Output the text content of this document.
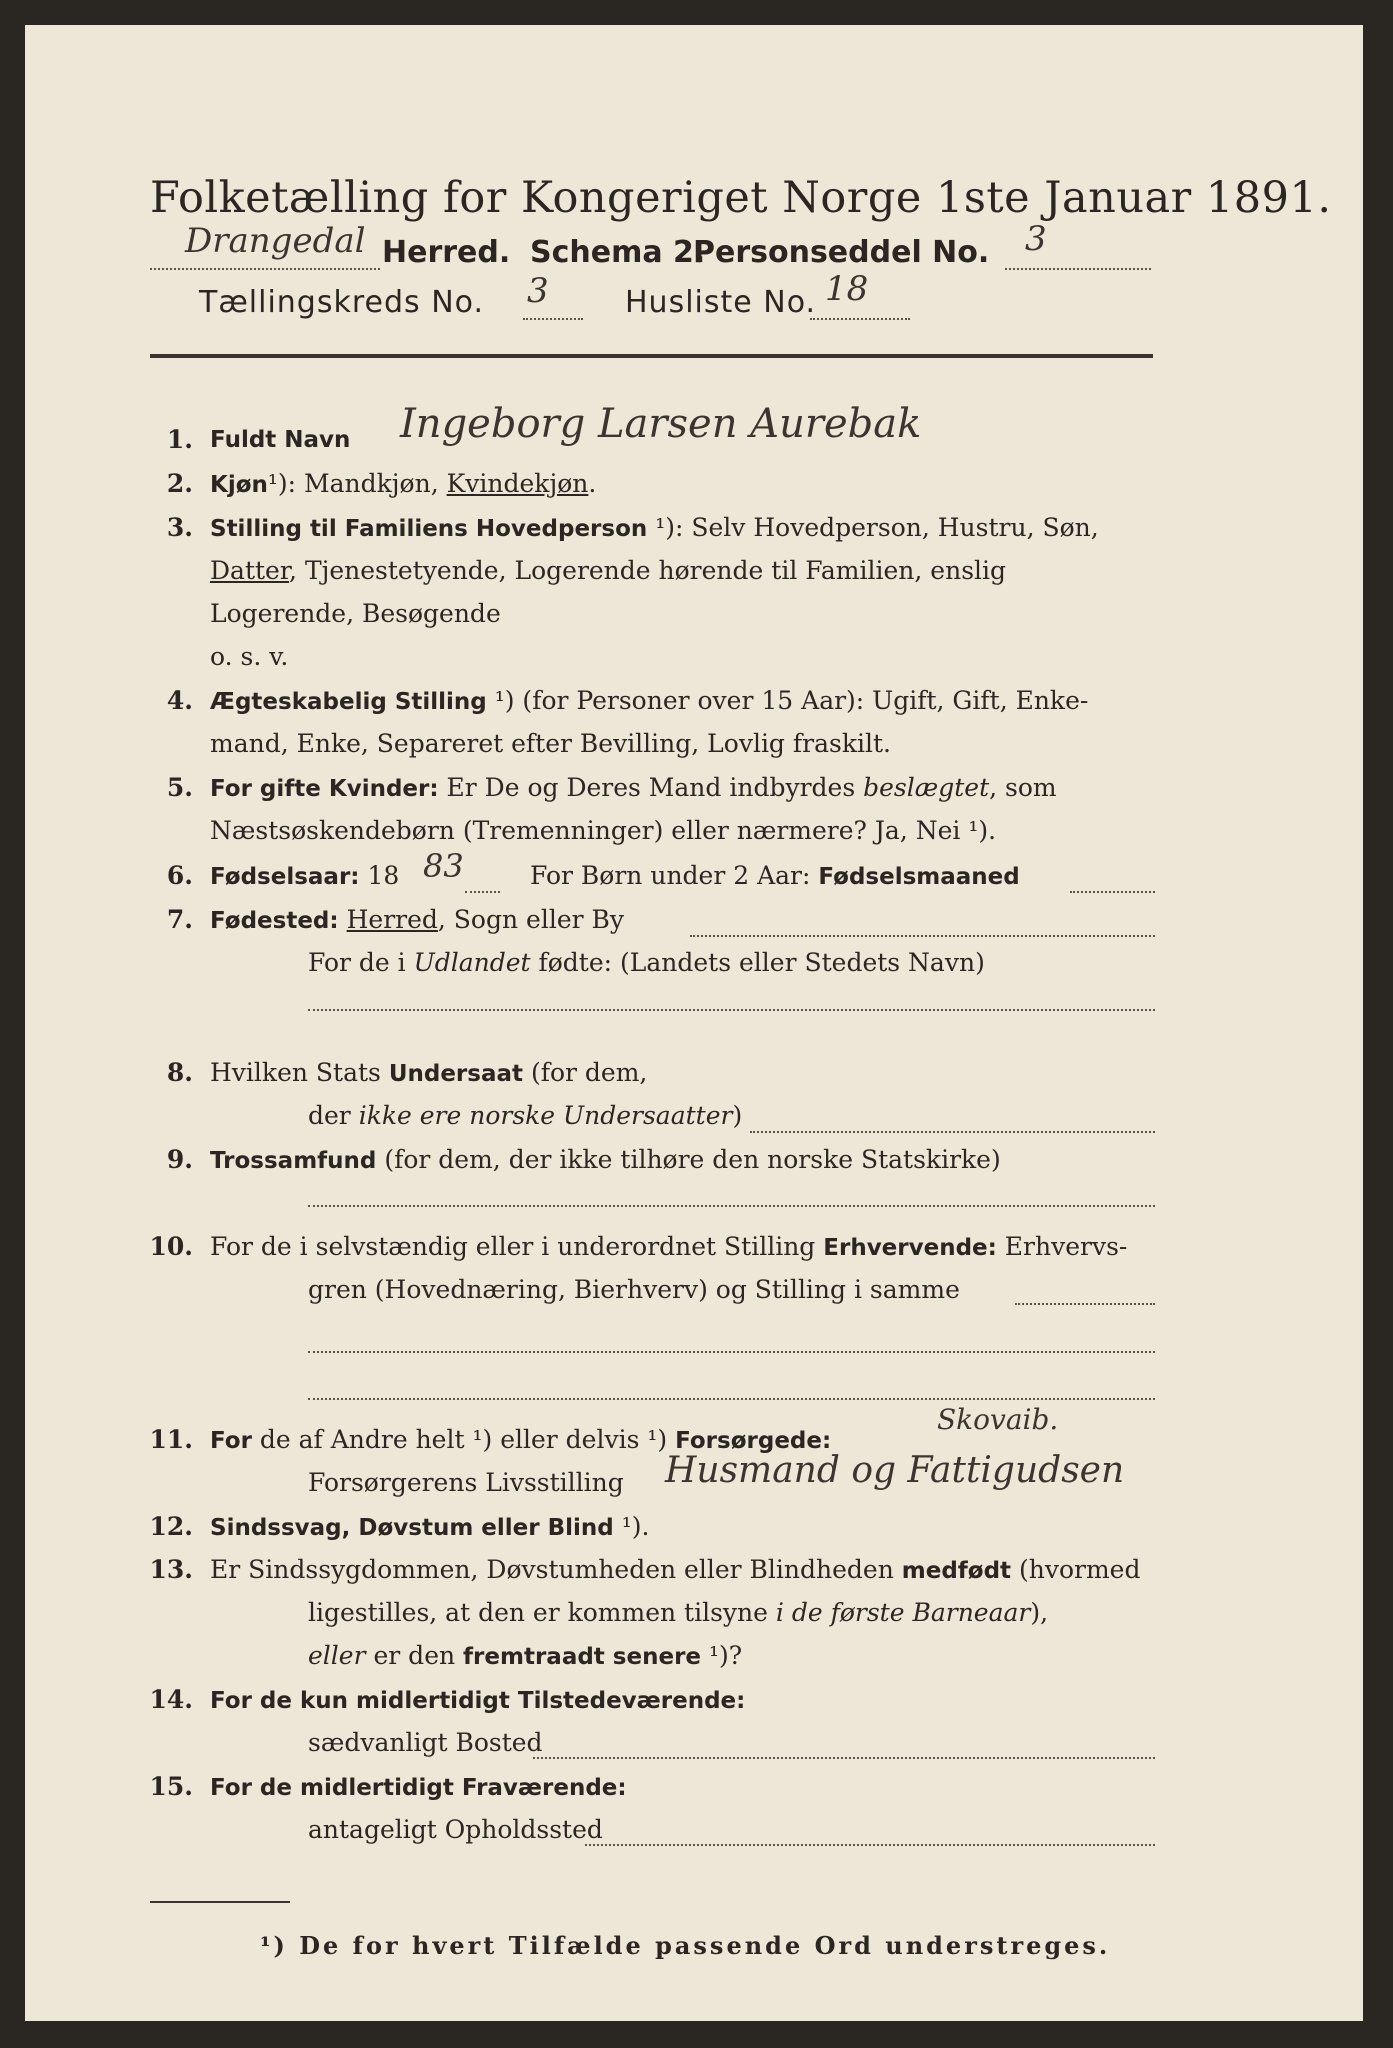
Folketælling for Kongeriget Norge 1ste Januar 1891.
Drangedal Herred. Schema 2.
Personseddel No. 3
Tællingskreds No. 3	Husliste No. 18
1. Fuldt Navn Ingeborg Larsen Aurebak
2. Kjøn¹): Mandkjøn, Kvindekjøn.
3. Stilling til Familiens Hovedperson ¹): Selv Hovedperson, Hustru, Søn,
Datter, Tjenestetyende, Logerende hørende til Familien, enslig
Logerende, Besøgende
o. s. v.
4. Ægteskabelig Stilling ¹) (for Personer over 15 Aar): Ugift, Gift, Enke-
mand, Enke, Separeret efter Bevilling, Lovlig fraskilt.
5. For gifte Kvinder: Er De og Deres Mand indbyrdes beslægtet, som
Næstsøskendebørn (Tremenninger) eller nærmere? Ja, Nei ¹).
6. Fødselsaar: 18 83	For Børn under 2 Aar: Fødselsmaaned
7. Fødested: Herred, Sogn eller By
For de i Udlandet fødte: (Landets eller Stedets Navn)
8. Hvilken Stats Undersaat (for dem,
der ikke ere norske Undersaatter)
9. Trossamfund (for dem, der ikke tilhøre den norske Statskirke)
10. For de i selvstændig eller i underordnet Stilling Erhvervende: Erhvervs-
gren (Hovednæring, Bierhverv) og Stilling i samme
11. For de af Andre helt ¹) eller delvis ¹) Forsørgede:
Skovaib.
Forsørgerens Livsstilling Husmand og Fattigudsen
12. Sindssvag, Døvstum eller Blind ¹).
13. Er Sindssygdommen, Døvstumheden eller Blindheden medfødt (hvormed
ligestilles, at den er kommen tilsyne i de første Barneaar),
eller er den fremtraadt senere ¹)?
14. For de kun midlertidigt Tilstedeværende:
sædvanligt Bosted
15. For de midlertidigt Fraværende:
antageligt Opholdssted
¹) De for hvert Tilfælde passende Ord understreges.
